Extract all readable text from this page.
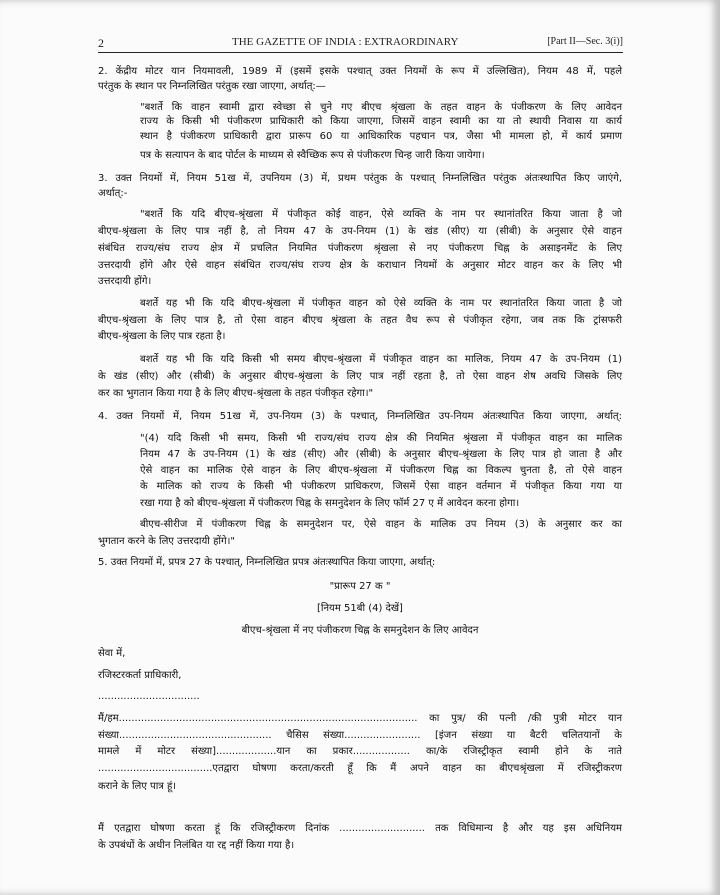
2	THE GAZETTE OF INDIA : EXTRAORDINARY	[Part II—Sec. 3(i)]
2. केंद्रीय मोटर यान नियमावली, 1989 में (इसमें इसके पश्चात् उक्त नियमों के रूप में उल्लिखित), नियम 48 में, पहले
परंतुक के स्थान पर निम्नलिखित परंतुक रखा जाएगा, अर्थात्:—
"बशर्ते कि वाहन स्वामी द्वारा स्वेच्छा से चुने गए बीएच श्रृंखला के तहत वाहन के पंजीकरण के लिए आवेदन
राज्य के किसी भी पंजीकरण प्राधिकारी को किया जाएगा, जिसमें वाहन स्वामी का या तो स्थायी निवास या कार्य
स्थान है पंजीकरण प्राधिकारी द्वारा प्रारूप 60 या आधिकारिक पहचान पत्र, जैसा भी मामला हो, में कार्य प्रमाण
पत्र के सत्यापन के बाद पोर्टल के माध्यम से स्वैच्छिक रूप से पंजीकरण चिन्ह जारी किया जायेगा।
3. उक्त नियमों में, नियम 51ख में, उपनियम (3) में, प्रथम परंतुक के पश्चात् निम्नलिखित परंतुक अंतःस्थापित किए जाएंगे,
अर्थात्:-
"बशर्ते कि यदि बीएच-श्रृंखला में पंजीकृत कोई वाहन, ऐसे व्यक्ति के नाम पर स्थानांतरित किया जाता है जो
बीएच-श्रृंखला के लिए पात्र नहीं है, तो नियम 47 के उप-नियम (1) के खंड (सीए) या (सीबी) के अनुसार ऐसे वाहन
संबंधित राज्य/संघ राज्य क्षेत्र में प्रचलित नियमित पंजीकरण श्रृंखला से नए पंजीकरण चिह्न के असाइनमेंट के लिए
उत्तरदायी होंगे और ऐसे वाहन संबंधित राज्य/संघ राज्य क्षेत्र के कराधान नियमों के अनुसार मोटर वाहन कर के लिए भी
उत्तरदायी होंगे।
बशर्ते यह भी कि यदि बीएच-श्रृंखला में पंजीकृत वाहन को ऐसे व्यक्ति के नाम पर स्थानांतरित किया जाता है जो
बीएच-श्रृंखला के लिए पात्र है, तो ऐसा वाहन बीएच श्रृंखला के तहत वैध रूप से पंजीकृत रहेगा, जब तक कि ट्रांसफरी
बीएच-श्रृंखला के लिए पात्र रहता है।
बशर्ते यह भी कि यदि किसी भी समय बीएच-श्रृंखला में पंजीकृत वाहन का मालिक, नियम 47 के उप-नियम (1)
के खंड (सीए) और (सीबी) के अनुसार बीएच-श्रृंखला के लिए पात्र नहीं रहता है, तो ऐसा वाहन शेष अवधि जिसके लिए
कर का भुगतान किया गया है के लिए बीएच-श्रृंखला के तहत पंजीकृत रहेगा।"
4. उक्त नियमों में, नियम 51ख में, उप-नियम (3) के पश्चात्, निम्नलिखित उप-नियम अंतःस्थापित किया जाएगा, अर्थात्:
"(4) यदि किसी भी समय, किसी भी राज्य/संघ राज्य क्षेत्र की नियमित श्रृंखला में पंजीकृत वाहन का मालिक
नियम 47 के उप-नियम (1) के खंड (सीए) और (सीबी) के अनुसार बीएच-श्रृंखला के लिए पात्र हो जाता है और
ऐसे वाहन का मालिक ऐसे वाहन के लिए बीएच-श्रृंखला में पंजीकरण चिह्न का विकल्प चुनता है, तो ऐसे वाहन
के मालिक को राज्य के किसी भी पंजीकरण प्राधिकरण, जिसमें ऐसा वाहन वर्तमान में पंजीकृत किया गया या
रखा गया है को बीएच-श्रृंखला में पंजीकरण चिह्न के समनुदेशन के लिए फॉर्म 27 ए में आवेदन करना होगा।
बीएच-सीरीज में पंजीकरण चिह्न के समनुदेशन पर, ऐसे वाहन के मालिक उप नियम (3) के अनुसार कर का
भुगतान करने के लिए उत्तरदायी होंगे।"
5. उक्त नियमों में, प्रपत्र 27 के पश्चात्, निम्नलिखित प्रपत्र अंतःस्थापित किया जाएगा, अर्थात्:
"प्रारूप 27 क "
[नियम 51बी (4) देखें]
बीएच-श्रृंखला में नए पंजीकरण चिह्न के समनुदेशन के लिए आवेदन
सेवा में,
रजिस्टरकर्ता प्राधिकारी,
................................
मैं/हम.............................................................................................. का पुत्र/ की पत्नी /की पुत्री मोटर यान
संख्या................................................ चैसिस संख्या........................ [इंजन संख्या या बैटरी चलितयानों के
मामले में मोटर संख्या]...................यान का प्रकार.................. का/के रजिस्ट्रीकृत स्वामी होने के नाते
....................................एतद्वारा घोषणा करता/करती हूँ कि मैं अपने वाहन का बीएचश्रृंखला में रजिस्ट्रीकरण
कराने के लिए पात्र हूं।
मैं एतद्वारा घोषणा करता हूं कि रजिस्ट्रीकरण दिनांक ........................... तक विधिमान्य है और यह इस अधिनियम
के उपबंधों के अधीन निलंबित या रद्द नहीं किया गया है।
